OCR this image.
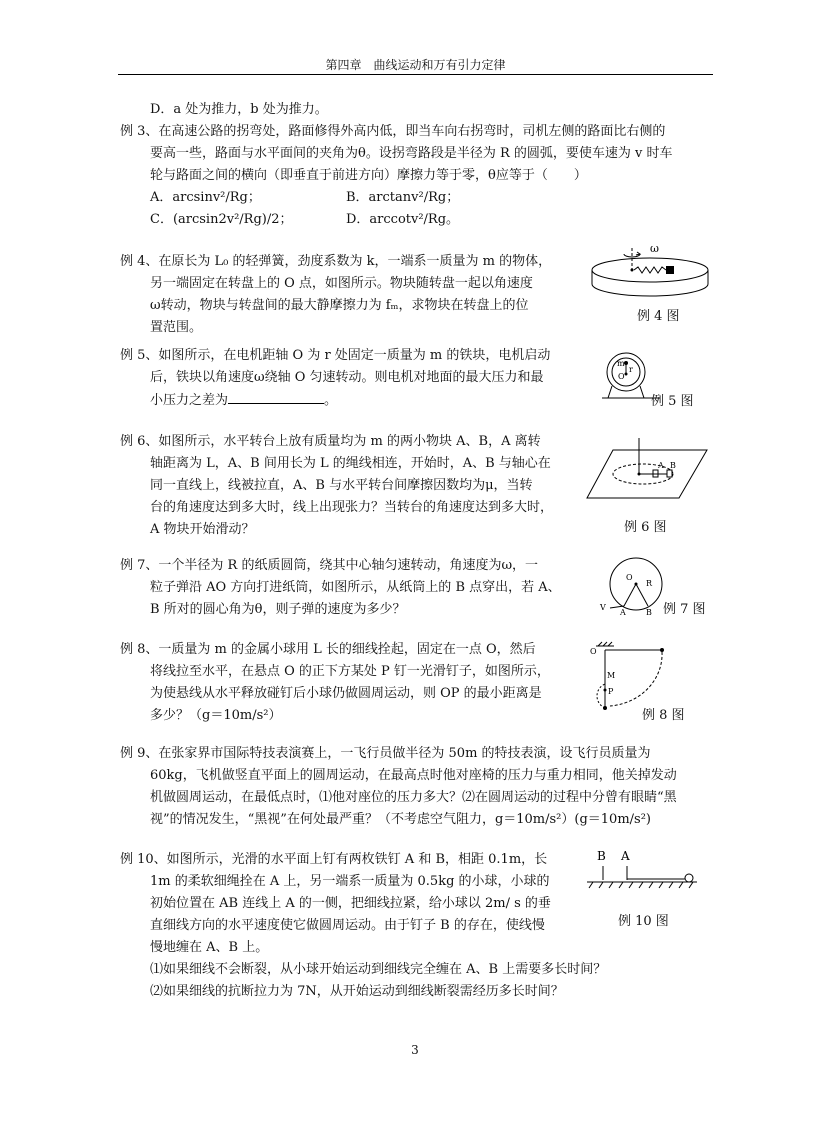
第四章　曲线运动和万有引力定律
D．a 处为推力，b 处为推力。
例 3、在高速公路的拐弯处，路面修得外高内低，即当车向右拐弯时，司机左侧的路面比右侧的
要高一些，路面与水平面间的夹角为θ。设拐弯路段是半径为 R 的圆弧，要使车速为 v 时车
轮与路面之间的横向（即垂直于前进方向）摩擦力等于零，θ应等于（　　）
A．arcsinv²/Rg；	B．arctanv²/Rg；
C．(arcsin2v²/Rg)/2；	D．arccotv²/Rg。
例 4、在原长为 L₀ 的轻弹簧，劲度系数为 k，一端系一质量为 m 的物体，
另一端固定在转盘上的 O 点，如图所示。物块随转盘一起以角速度
ω转动，物块与转盘间的最大静摩擦力为 fₘ，求物块在转盘上的位
置范围。
ω
例 4 图
例 5、如图所示，在电机距轴 O 为 r 处固定一质量为 m 的铁块，电机启动
后，铁块以角速度ω绕轴 O 匀速转动。则电机对地面的最大压力和最
小压力之差为	。
m
O
r
例 5 图
例 6、如图所示，水平转台上放有质量均为 m 的两小物块 A、B，A 离转
轴距离为 L，A、B 间用长为 L 的绳线相连，开始时，A、B 与轴心在
同一直线上，线被拉直，A、B 与水平转台间摩擦因数均为μ，当转
台的角速度达到多大时，线上出现张力？当转台的角速度达到多大时，
A 物块开始滑动？
A B
例 6 图
例 7、一个半径为 R 的纸质圆筒，绕其中心轴匀速转动，角速度为ω，一
粒子弹沿 AO 方向打进纸筒，如图所示，从纸筒上的 B 点穿出，若 A、
B 所对的圆心角为θ，则子弹的速度为多少？
O
R
V
A	B 例 7 图
例 8、一质量为 m 的金属小球用 L 长的细线拴起，固定在一点 O，然后
将线拉至水平，在悬点 O 的正下方某处 P 钉一光滑钉子，如图所示，
为使悬线从水平释放碰钉后小球仍做圆周运动，则 OP 的最小距离是
多少？（g＝10m/s²）
O
M
P
例 8 图
例 9、在张家界市国际特技表演赛上，一飞行员做半径为 50m 的特技表演，设飞行员质量为
60kg，飞机做竖直平面上的圆周运动，在最高点时他对座椅的压力与重力相同，他关掉发动
机做圆周运动，在最低点时，⑴他对座位的压力多大？⑵在圆周运动的过程中分曾有眼睛“黑
视”的情况发生，“黑视”在何处最严重？（不考虑空气阻力，g＝10m/s²）(g＝10m/s²)
例 10、如图所示，光滑的水平面上钉有两枚铁钉 A 和 B，相距 0.1m，长
1m 的柔软细绳拴在 A 上，另一端系一质量为 0.5kg 的小球，小球的
初始位置在 AB 连线上 A 的一侧，把细线拉紧，给小球以 2m/ s 的垂
直细线方向的水平速度使它做圆周运动。由于钉子 B 的存在，使线慢
慢地缠在 A、B 上。
⑴如果细线不会断裂，从小球开始运动到细线完全缠在 A、B 上需要多长时间？
⑵如果细线的抗断拉力为 7N，从开始运动到细线断裂需经历多长时间？
B A
例 10 图
3
